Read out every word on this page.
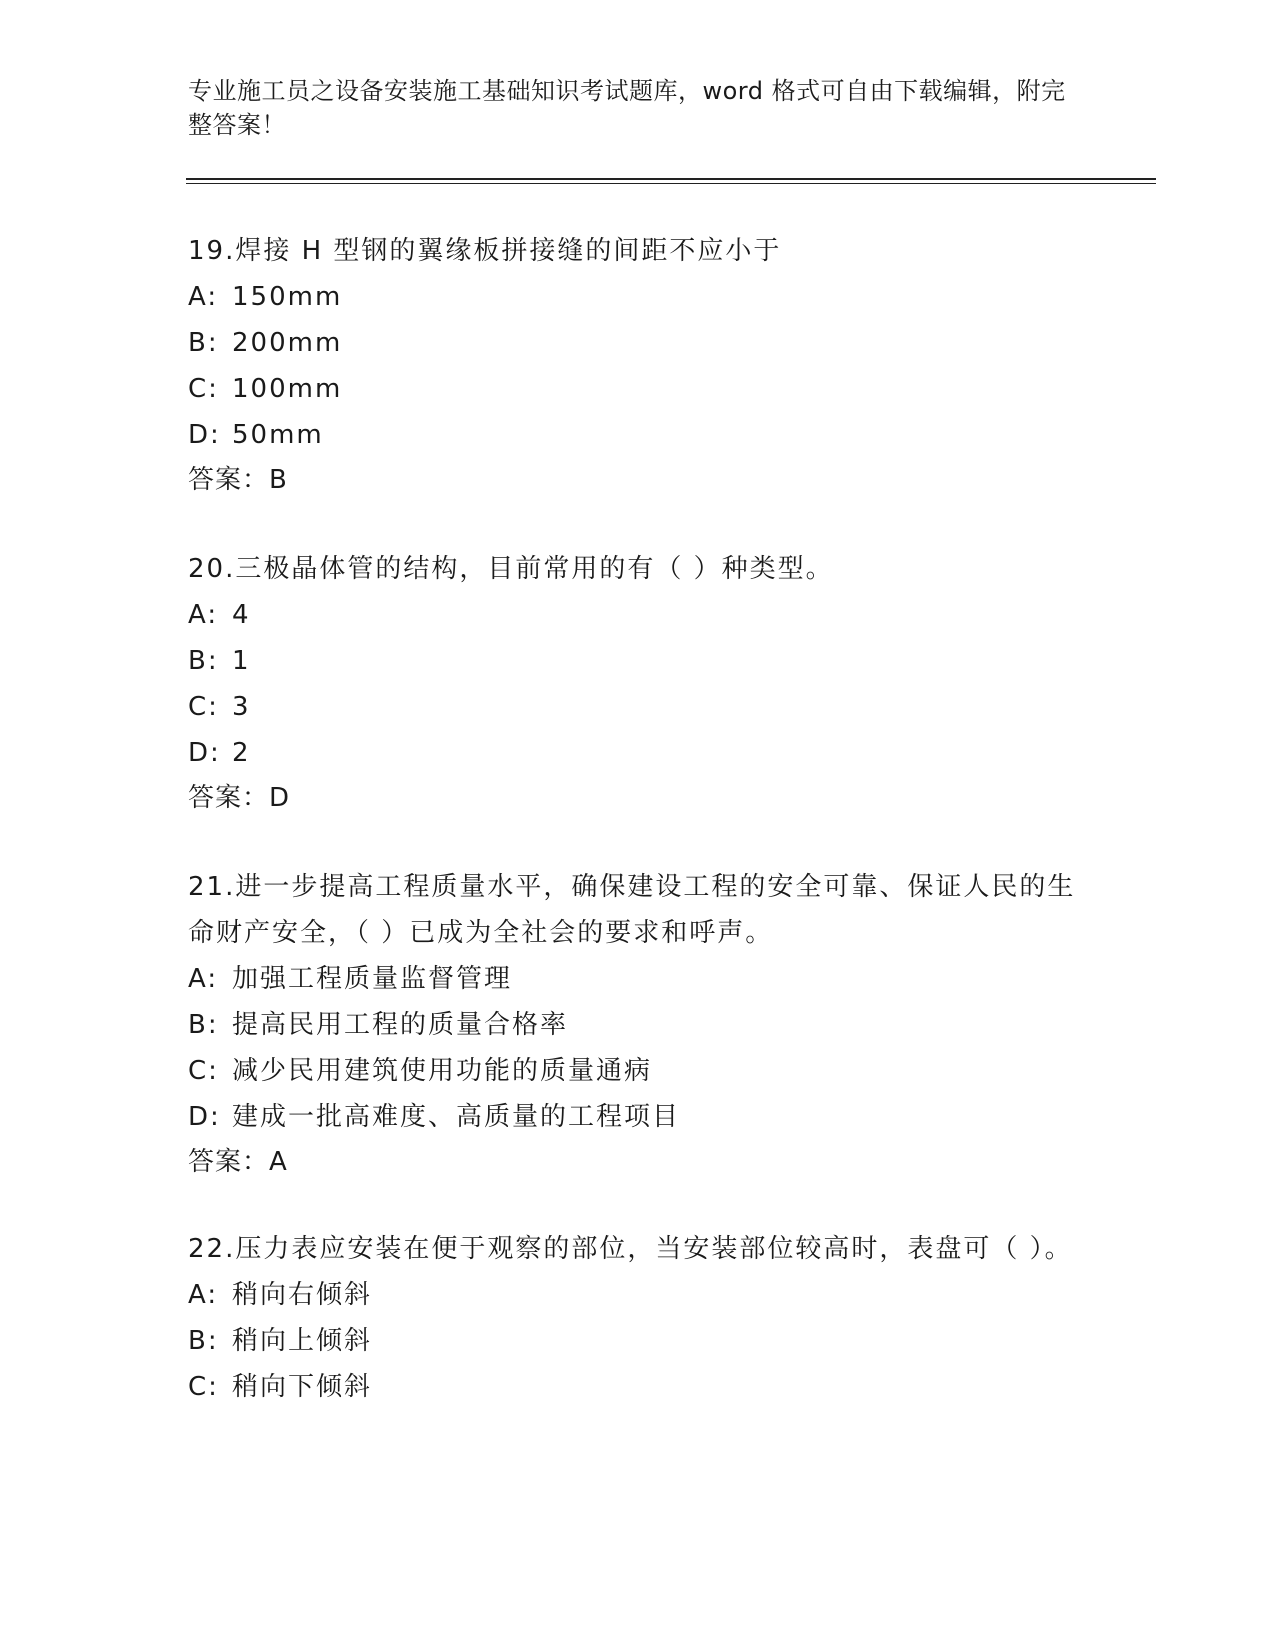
专业施工员之设备安装施工基础知识考试题库，word 格式可自由下载编辑，附完
整答案！

19.焊接 H 型钢的翼缘板拼接缝的间距不应小于

A: 150mm

B: 200mm

C: 100mm

D: 50mm

答案：B

20.三极晶体管的结构，目前常用的有（ ）种类型。

A: 4

B: 1

C: 3

D: 2

答案：D

21.进一步提高工程质量水平，确保建设工程的安全可靠、保证人民的生命财产安全，（ ）已成为全社会的要求和呼声。

A: 加强工程质量监督管理

B: 提高民用工程的质量合格率

C: 减少民用建筑使用功能的质量通病

D: 建成一批高难度、高质量的工程项目

答案：A

22.压力表应安装在便于观察的部位，当安装部位较高时，表盘可（ ）。

A: 稍向右倾斜

B: 稍向上倾斜

C: 稍向下倾斜
